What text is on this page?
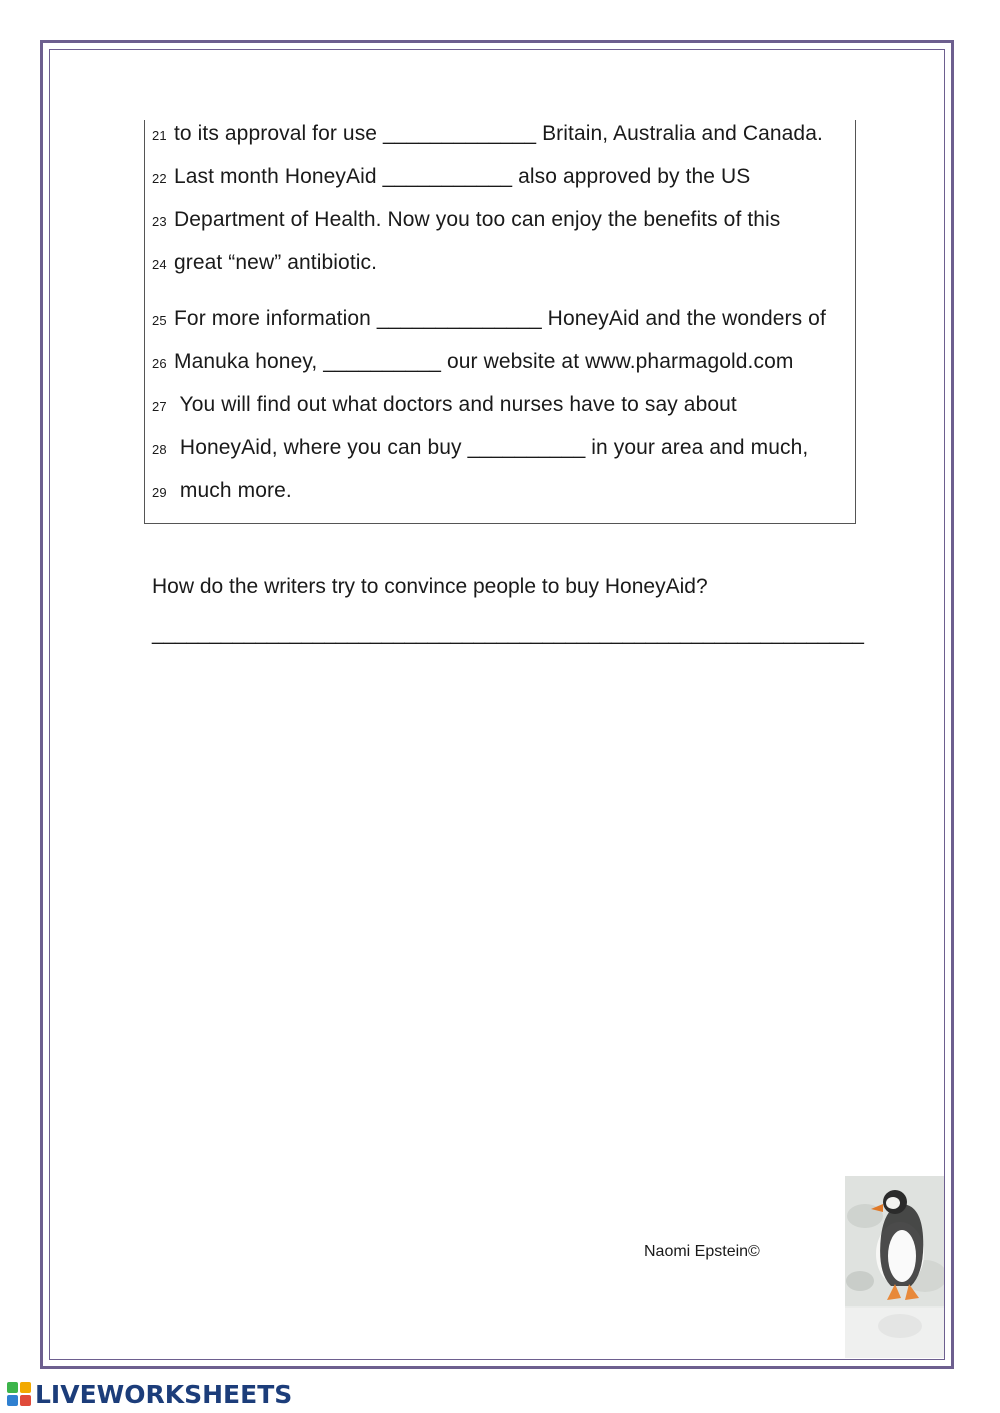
21 to its approval for use _____________ Britain, Australia and Canada.
22 Last month HoneyAid ___________ also approved by the US
23 Department of Health. Now you too can enjoy the benefits of this
24 great “new” antibiotic.
25 For more information ______________ HoneyAid and the wonders of
26 Manuka honey, __________ our website at www.pharmagold.com
27 You will find out what doctors and nurses have to say about
28 HoneyAid, where you can buy __________ in your area and much,
29 much more.
How do the writers try to convince people to buy HoneyAid?
______________________________________________________________
Naomi Epstein©
LIVEWORKSHEETS
